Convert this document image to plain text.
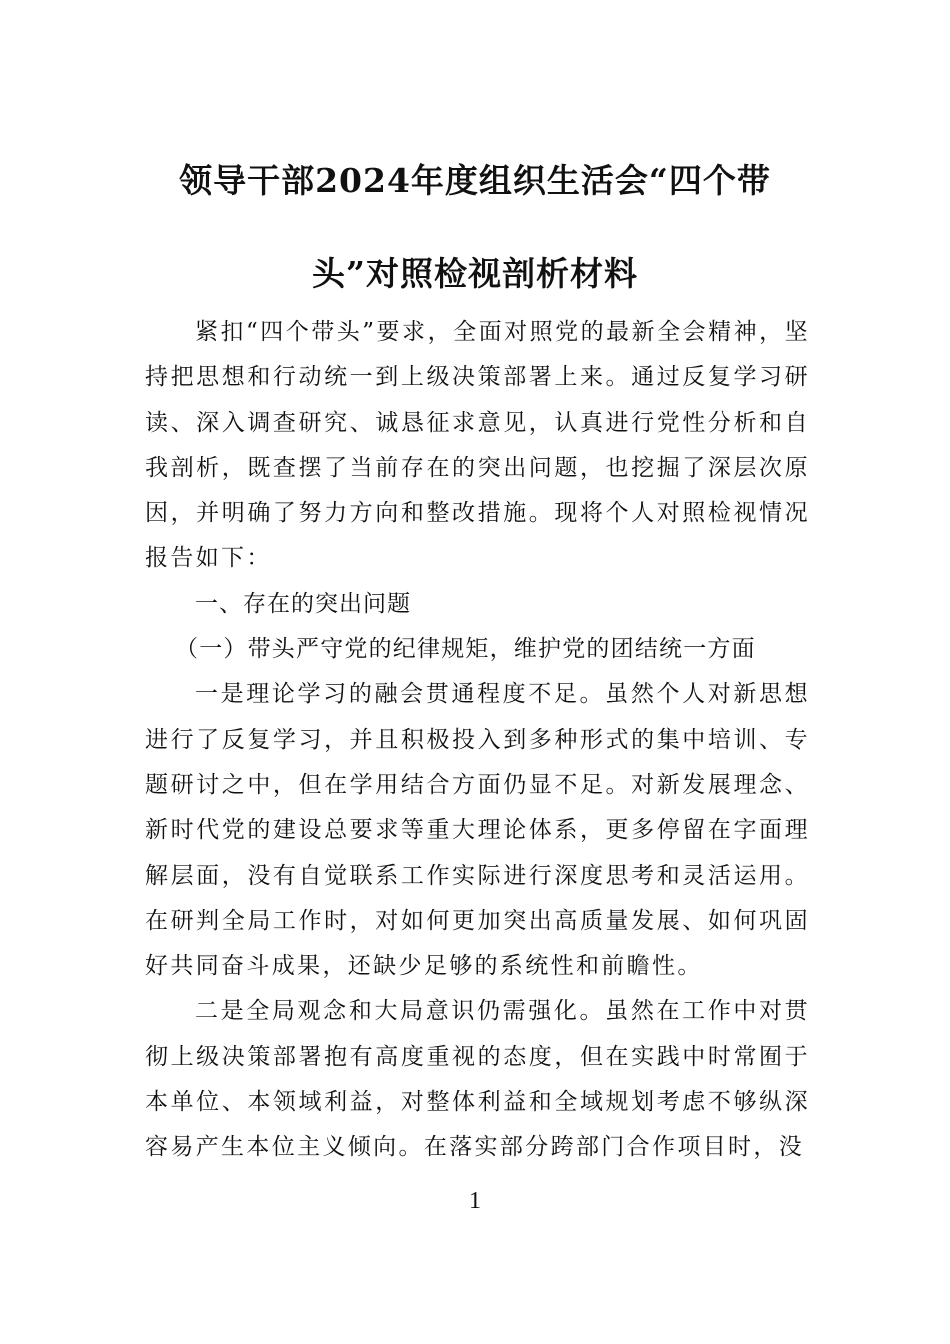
领导干部2024年度组织生活会“四个带
头”对照检视剖析材料

紧扣“四个带头”要求，全面对照党的最新全会精神，坚持把思想和行动统一到上级决策部署上来。通过反复学习研读、深入调查研究、诚恳征求意见，认真进行党性分析和自我剖析，既查摆了当前存在的突出问题，也挖掘了深层次原因，并明确了努力方向和整改措施。现将个人对照检视情况报告如下：

一、存在的突出问题

（一）带头严守党的纪律规矩，维护党的团结统一方面

一是理论学习的融会贯通程度不足。虽然个人对新思想进行了反复学习，并且积极投入到多种形式的集中培训、专题研讨之中，但在学用结合方面仍显不足。对新发展理念、新时代党的建设总要求等重大理论体系，更多停留在字面理解层面，没有自觉联系工作实际进行深度思考和灵活运用。在研判全局工作时，对如何更加突出高质量发展、如何巩固好共同奋斗成果，还缺少足够的系统性和前瞻性。

二是全局观念和大局意识仍需强化。虽然在工作中对贯彻上级决策部署抱有高度重视的态度，但在实践中时常囿于本单位、本领域利益，对整体利益和全域规划考虑不够纵深容易产生本位主义倾向。在落实部分跨部门合作项目时，没

1
